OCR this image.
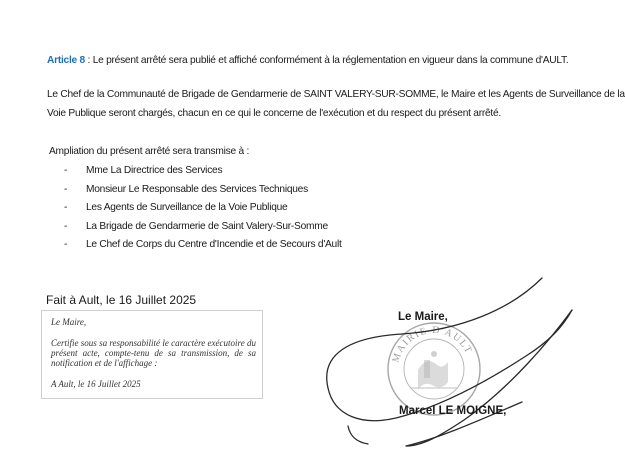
Article 8 : Le présent arrêté sera publié et affiché conformément à la réglementation en vigueur dans la commune d'AULT.
Le Chef de la Communauté de Brigade de Gendarmerie de SAINT VALERY-SUR-SOMME, le Maire et les Agents de Surveillance de la
Voie Publique seront chargés, chacun en ce qui le concerne de l'exécution et du respect du présent arrêté.
Ampliation du présent arrêté sera transmise à :
- Mme La Directrice des Services
- Monsieur Le Responsable des Services Techniques
- Les Agents de Surveillance de la Voie Publique
- La Brigade de Gendarmerie de Saint Valery-Sur-Somme
- Le Chef de Corps du Centre d'Incendie et de Secours d'Ault
Fait à Ault, le 16 Juillet 2025
Le Maire,
Certifie sous sa responsabilité le caractère exécutoire du présent acte, compte-tenu de sa transmission, de sa notification et de l'affichage :
A Ault, le 16 Juillet 2025
MAIRIE D'AULT
Le Maire,
Marcel LE MOIGNE,
